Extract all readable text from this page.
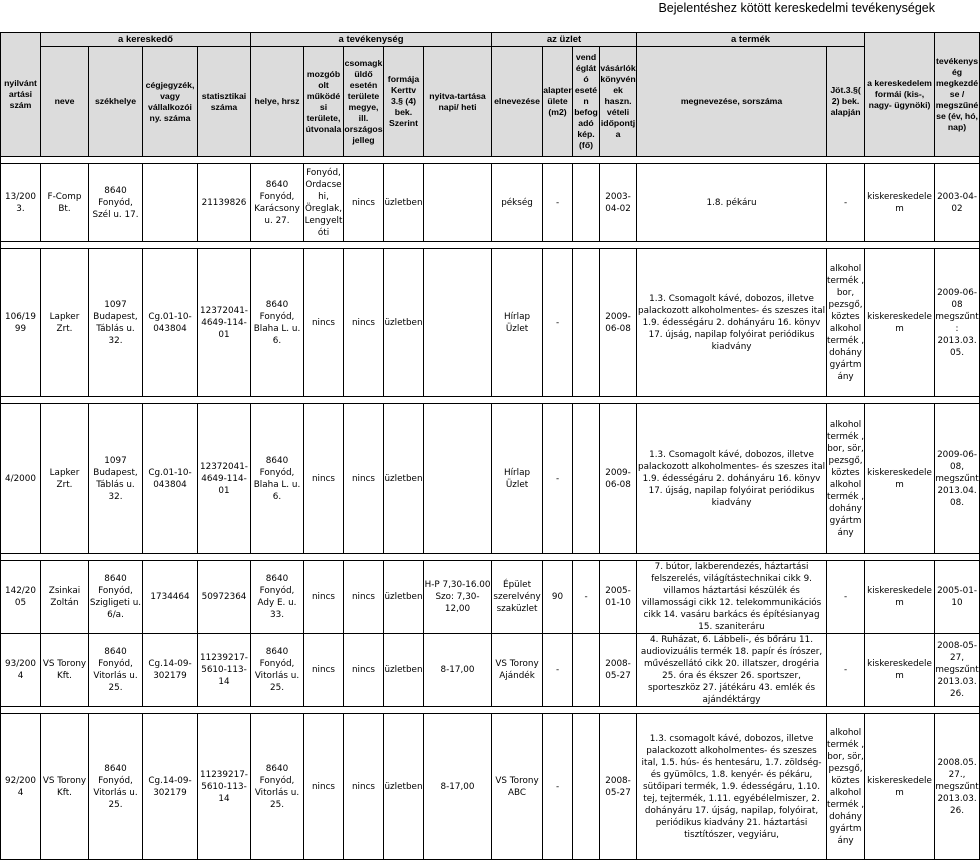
Bejelentéshez kötött kereskedelmi tevékenységek
nyilvánt artási szám	a kereskedő				a tevékenység					az üzlet				a termék		a kereskedelem formái (kis-, nagy- ügynöki)	tevékenys ég megkezdé se / megszűné se (év, hó, nap)
	neve	székhelye	cégjegyzék, vagy vállalkozói ny. száma	statisztikai száma	helye, hrsz	mozgób olt működé si területe, útvonala	csomagk üldő esetén területe megye, ill. országos jelleg	formája Kerttv 3.§ (4) bek. Szerint	nyitva-tartása napi/ heti	elnevezése	alapter ülete (m2)	vend églát ó eseté n befog adó kép. (fő)	vásárlók könyvén ek haszn. vételi időpontj a	megnevezése, sorszáma	Jöt.3.§( 2) bek. alapján		

13/200 3.	F-Comp Bt.	8640 Fonyód, Szél u. 17.		21139826	8640 Fonyód, Karácsony u. 27.	Fonyód, Ordacse hi, Öreglak, Lengyelt óti	nincs	üzletben		pékség	-		2003-04-02	1.8. pékáru	-	kiskereskedelem	2003-04-02

106/19 99	Lapker Zrt.	1097 Budapest, Táblás u. 32.	Cg.01-10-043804	12372041-4649-114-01	8640 Fonyód, Blaha L. u. 6.	nincs	nincs	üzletben		Hírlap Üzlet	-		2009-06-08	1.3. Csomagolt kávé, dobozos, illetve palackozott alkoholmentes- és szeszes ital 1.9. édességáru 2. dohányáru 16. könyv 17. újság, napilap folyóirat periódikus kiadvány	alkohol termék , bor, pezsgő, köztes alkohol termék , dohány gyártm ány	kiskereskedelem	2009-06-08 megszűnt: 2013.03.05.

4/2000	Lapker Zrt.	1097 Budapest, Táblás u. 32.	Cg.01-10-043804	12372041-4649-114-01	8640 Fonyód, Blaha L. u. 6.	nincs	nincs	üzletben		Hírlap Üzlet	-		2009-06-08	1.3. Csomagolt kávé, dobozos, illetve palackozott alkoholmentes- és szeszes ital 1.9. édességáru 2. dohányáru 16. könyv 17. újság, napilap folyóirat periódikus kiadvány	alkohol termék , bor, sör, pezsgő, köztes alkohol termék , dohány gyártm ány	kiskereskedelem	2009-06-08, megszűnt 2013.04.08.

142/20 05	Zsinkai Zoltán	8640 Fonyód, Szigligeti u. 6/a.	1734464	50972364	8640 Fonyód, Ady E. u. 33.	nincs	nincs	üzletben	H-P 7,30-16.00 Szo: 7,30-12,00	Épület szerelvény szaküzlet	90	-	2005-01-10	7. bútor, lakberendezés, háztartási felszerelés, világítástechnikai cikk 9. villamos háztartási készülék és villamossági cikk 12. telekommunikációs cikk 14. vasáru barkács és építésianyag 15. szaniteráru	-	kiskereskedelem	2005-01-10
93/200 4	VS Torony Kft.	8640 Fonyód, Vitorlás u. 25.	Cg.14-09-302179	11239217-5610-113-14	8640 Fonyód, Vitorlás u. 25.	nincs	nincs	üzletben	8-17,00	VS Torony Ajándék	-		2008-05-27	4. Ruházat, 6. Lábbeli-, és bőráru 11. audiovizuális termék 18. papír és írószer, művészellátó cikk 20. illatszer, drogéria 25. óra és ékszer 26. sportszer, sporteszköz 27. játékáru 43. emlék és ajándéktárgy	-	kiskereskedelem	2008-05-27, megszűnt 2013.03.26.

92/200 4	VS Torony Kft.	8640 Fonyód, Vitorlás u. 25.	Cg.14-09-302179	11239217-5610-113-14	8640 Fonyód, Vitorlás u. 25.	nincs	nincs	üzletben	8-17,00	VS Torony ABC	-		2008-05-27	1.3. csomagolt kávé, dobozos, illetve palackozott alkoholmentes- és szeszes ital, 1.5. hús- és hentesáru, 1.7. zöldség- és gyümölcs, 1.8. kenyér- és pékáru, sütőipari termék, 1.9. édességáru, 1.10. tej, tejtermék, 1.11. egyébélelmiszer, 2. dohányáru 17. újság, napilap, folyóirat, periódikus kiadvány 21. háztartási tisztítószer, vegyiáru,	alkohol termék , bor, sör, pezsgő, köztes alkohol termék , dohány gyártm ány	kiskereskedelem	2008.05.27., megszűnt 2013.03.26.
